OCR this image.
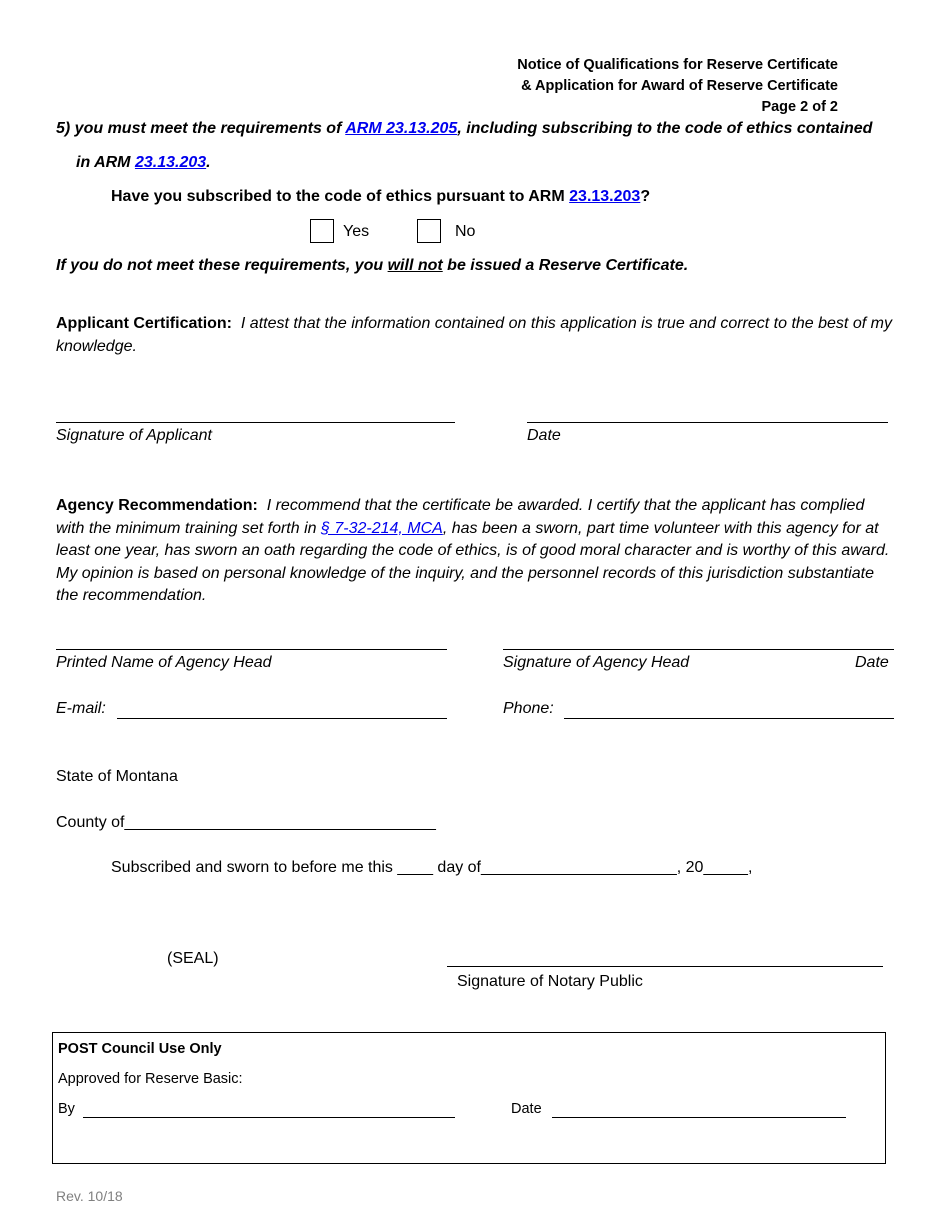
Notice of Qualifications for Reserve Certificate
& Application for Award of Reserve Certificate
Page 2 of 2
5) you must meet the requirements of ARM 23.13.205, including subscribing to the code of ethics contained
in ARM 23.13.203.
Have you subscribed to the code of ethics pursuant to ARM 23.13.203?
Yes	No
If you do not meet these requirements, you will not be issued a Reserve Certificate.
Applicant Certification: I attest that the information contained on this application is true and correct to the best of my knowledge.
Signature of Applicant	Date
Agency Recommendation: I recommend that the certificate be awarded. I certify that the applicant has complied with the minimum training set forth in § 7-32-214, MCA, has been a sworn, part time volunteer with this agency for at least one year, has sworn an oath regarding the code of ethics, is of good moral character and is worthy of this award. My opinion is based on personal knowledge of the inquiry, and the personnel records of this jurisdiction substantiate the recommendation.
Printed Name of Agency Head	Signature of Agency Head	Date
E-mail:	Phone:
State of Montana
County of___________________________________
Subscribed and sworn to before me this ____ day of______________________, 20_____,
(SEAL)
Signature of Notary Public
POST Council Use Only
Approved for Reserve Basic:
By	Date
Rev. 10/18
